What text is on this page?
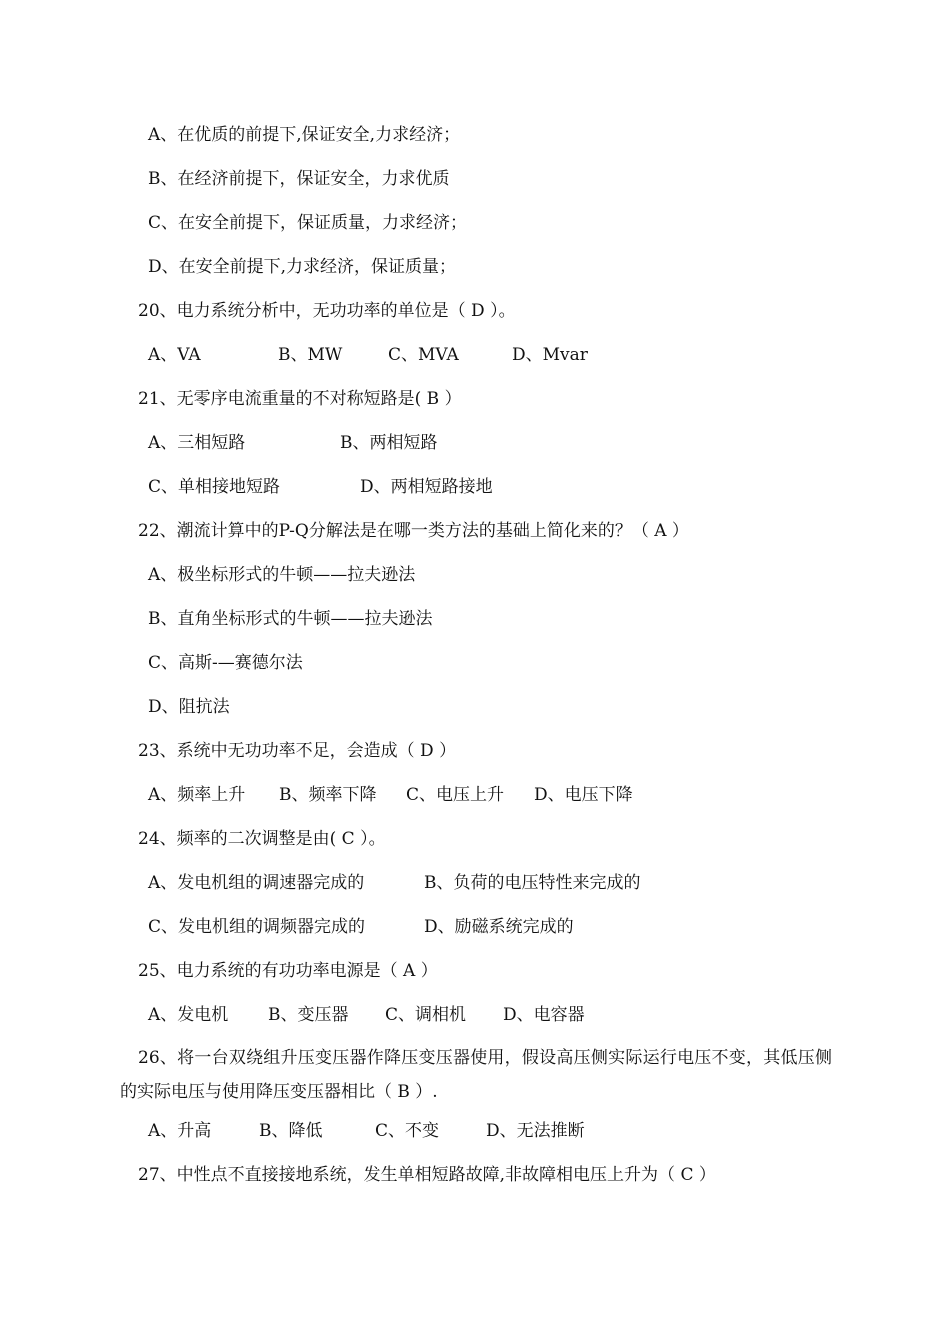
A、在优质的前提下,保证安全,力求经济；
B、在经济前提下，保证安全，力求优质
C、在安全前提下，保证质量，力求经济；
D、在安全前提下,力求经济，保证质量；
20、电力系统分析中，无功功率的单位是（ D ）。
A、VA	B、MW	C、MVA	D、Mvar
21、无零序电流重量的不对称短路是( B ）
A、三相短路	B、两相短路
C、单相接地短路	D、两相短路接地
22、潮流计算中的P-Q分解法是在哪一类方法的基础上简化来的？（ A ）
A、极坐标形式的牛顿——拉夫逊法
B、直角坐标形式的牛顿——拉夫逊法
C、高斯-—赛德尔法
D、阻抗法
23、系统中无功功率不足，会造成（ D ）
A、频率上升 B、频率下降 C、电压上升 D、电压下降
24、频率的二次调整是由( C ）。
A、发电机组的调速器完成的	B、负荷的电压特性来完成的
C、发电机组的调频器完成的	D、励磁系统完成的
25、电力系统的有功功率电源是（ A ）
A、发电机 B、变压器 C、调相机 D、电容器
26、将一台双绕组升压变压器作降压变压器使用，假设高压侧实际运行电压不变，其低压侧的实际电压与使用降压变压器相比（ B ）.
A、升高	B、降低	C、不变	D、无法推断
27、中性点不直接接地系统，发生单相短路故障,非故障相电压上升为（ C ）
